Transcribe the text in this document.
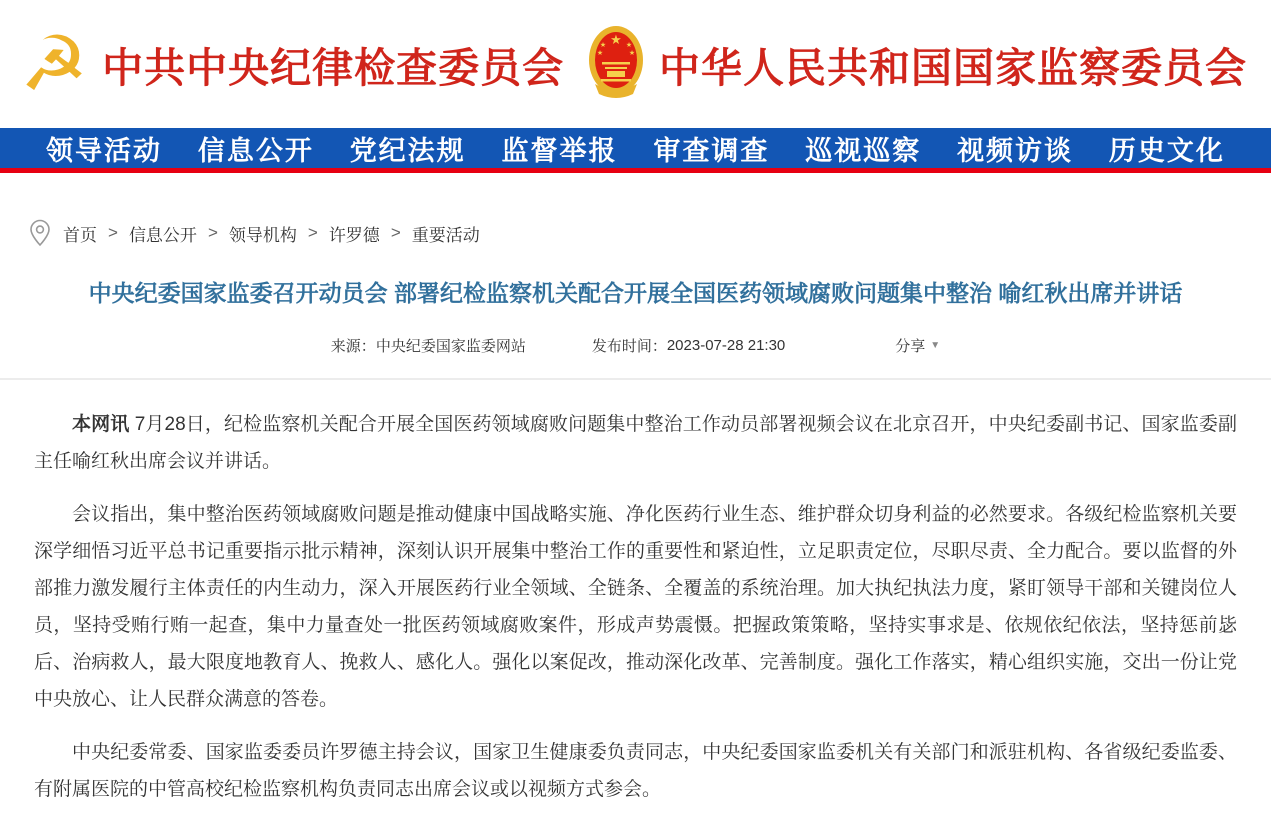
☭ 中共中央纪律检查委员会
★
★	★
★	★ 中华人民共和国国家监察委员会
领导活动 信息公开 党纪法规 监督举报 审查调查 巡视巡察 视频访谈 历史文化
首页 > 信息公开 > 领导机构 > 许罗德 > 重要活动
中央纪委国家监委召开动员会 部署纪检监察机关配合开展全国医药领域腐败问题集中整治 喻红秋出席并讲话
来源： 中央纪委国家监委网站	发布时间： 2023-07-28 21:30	分享 ▼

本网讯 7月28日，纪检监察机关配合开展全国医药领域腐败问题集中整治工作动员部署视频会议在北京召开，中央纪委副书记、国家监委副主任喻红秋出席会议并讲话。

会议指出，集中整治医药领域腐败问题是推动健康中国战略实施、净化医药行业生态、维护群众切身利益的必然要求。各级纪检监察机关要深学细悟习近平总书记重要指示批示精神，深刻认识开展集中整治工作的重要性和紧迫性，立足职责定位，尽职尽责、全力配合。要以监督的外部推力激发履行主体责任的内生动力，深入开展医药行业全领域、全链条、全覆盖的系统治理。加大执纪执法力度，紧盯领导干部和关键岗位人员，坚持受贿行贿一起查，集中力量查处一批医药领域腐败案件，形成声势震慑。把握政策策略，坚持实事求是、依规依纪依法，坚持惩前毖后、治病救人，最大限度地教育人、挽救人、感化人。强化以案促改，推动深化改革、完善制度。强化工作落实，精心组织实施，交出一份让党中央放心、让人民群众满意的答卷。

中央纪委常委、国家监委委员许罗德主持会议，国家卫生健康委负责同志，中央纪委国家监委机关有关部门和派驻机构、各省级纪委监委、有附属医院的中管高校纪检监察机构负责同志出席会议或以视频方式参会。
